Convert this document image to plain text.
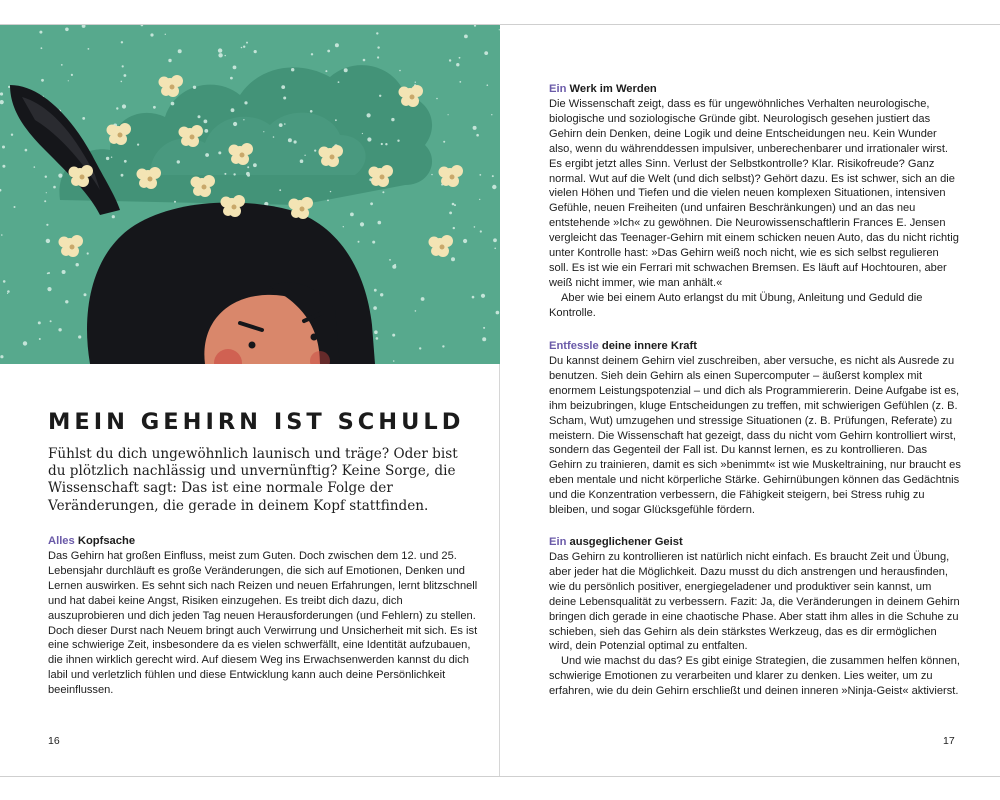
MEIN GEHIRN IST SCHULD

Fühlst du dich ungewöhnlich launisch und träge? Oder bist du plötzlich nachlässig und unvernünftig? Keine Sorge, die Wissenschaft sagt: Das ist eine normale Folge der Veränderungen, die gerade in deinem Kopf stattfinden.

Alles Kopfsache

Das Gehirn hat großen Einfluss, meist zum Guten. Doch zwischen dem 12. und 25. Lebensjahr durchläuft es große Veränderungen, die sich auf Emotionen, Denken und Lernen auswirken. Es sehnt sich nach Reizen und neuen Erfahrungen, lernt blitzschnell und hat dabei keine Angst, Risiken einzugehen. Es treibt dich dazu, dich auszuprobieren und dich jeden Tag neuen Herausforderungen (und Fehlern) zu stellen. Doch dieser Durst nach Neuem bringt auch Verwirrung und Unsicherheit mit sich. Es ist eine schwierige Zeit, insbesondere da es vielen schwerfällt, eine Identität aufzubauen, die ihnen wirklich gerecht wird. Auf diesem Weg ins Erwachsenwerden kannst du dich labil und verletzlich fühlen und diese Entwicklung kann auch deine Persönlichkeit beeinflussen.

Ein Werk im Werden

Die Wissenschaft zeigt, dass es für ungewöhnliches Verhalten neurologische, biologische und soziologische Gründe gibt. Neurologisch gesehen justiert das Gehirn dein Denken, deine Logik und deine Entscheidungen neu. Kein Wunder also, wenn du währenddessen impulsiver, unberechenbarer und irrationaler wirst. Es ergibt jetzt alles Sinn. Verlust der Selbstkontrolle? Klar. Risikofreude? Ganz normal. Wut auf die Welt (und dich selbst)? Gehört dazu. Es ist schwer, sich an die vielen Höhen und Tiefen und die vielen neuen komplexen Situationen, intensiven Gefühle, neuen Freiheiten (und unfairen Beschränkungen) und an das neu entstehende »Ich« zu gewöhnen. Die Neurowissenschaftlerin Frances E. Jensen vergleicht das Teenager-Gehirn mit einem schicken neuen Auto, das du nicht richtig unter Kontrolle hast: »Das Gehirn weiß noch nicht, wie es sich selbst regulieren soll. Es ist wie ein Ferrari mit schwachen Bremsen. Es läuft auf Hochtouren, aber weiß nicht immer, wie man anhält.«

Aber wie bei einem Auto erlangst du mit Übung, Anleitung und Geduld die Kontrolle.

Entfessle deine innere Kraft

Du kannst deinem Gehirn viel zuschreiben, aber versuche, es nicht als Ausrede zu benutzen. Sieh dein Gehirn als einen Supercomputer – äußerst komplex mit enormem Leistungspotenzial – und dich als Programmiererin. Deine Aufgabe ist es, ihm beizubringen, kluge Entscheidungen zu treffen, mit schwierigen Gefühlen (z. B. Scham, Wut) umzugehen und stressige Situationen (z. B. Prüfungen, Referate) zu meistern. Die Wissenschaft hat gezeigt, dass du nicht vom Gehirn kontrolliert wirst, sondern das Gegenteil der Fall ist. Du kannst lernen, es zu kontrollieren. Das Gehirn zu trainieren, damit es sich »benimmt« ist wie Muskeltraining, nur braucht es eben mentale und nicht körperliche Stärke. Gehirnübungen können das Gedächtnis und die Konzentration verbessern, die Fähigkeit steigern, bei Stress ruhig zu bleiben, und sogar Glücksgefühle fördern.

Ein ausgeglichener Geist

Das Gehirn zu kontrollieren ist natürlich nicht einfach. Es braucht Zeit und Übung, aber jeder hat die Möglichkeit. Dazu musst du dich anstrengen und herausfinden, wie du persönlich positiver, energiegeladener und produktiver sein kannst, um deine Lebensqualität zu verbessern. Fazit: Ja, die Veränderungen in deinem Gehirn bringen dich gerade in eine chaotische Phase. Aber statt ihm alles in die Schuhe zu schieben, sieh das Gehirn als dein stärkstes Werkzeug, das es dir ermöglichen wird, dein Potenzial optimal zu entfalten.

Und wie machst du das? Es gibt einige Strategien, die zusammen helfen können, schwierige Emotionen zu verarbeiten und klarer zu denken. Lies weiter, um zu erfahren, wie du dein Gehirn erschließt und deinen inneren »Ninja-Geist« aktivierst.

16	17
